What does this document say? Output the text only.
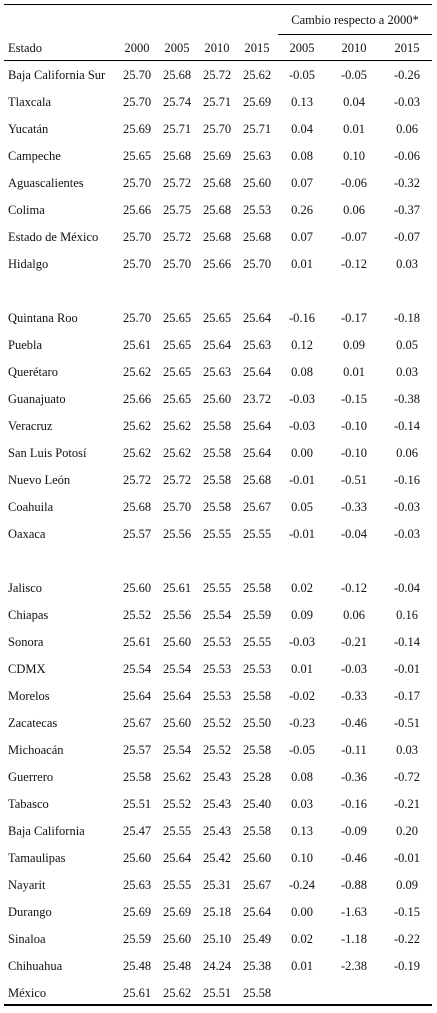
Cambio respecto a 2000*
Estado	2000	2005	2010	2015	2005	2010	2015
Baja California Sur	25.70 25.68 25.72 25.62	-0.05	-0.05	-0.26
Tlaxcala	25.70 25.74 25.71 25.69	0.13	0.04	-0.03
Yucatán	25.69 25.71 25.70 25.71	0.04	0.01	0.06
Campeche	25.65 25.68 25.69 25.63	0.08	0.10	-0.06
Aguascalientes	25.70 25.72 25.68 25.60	0.07	-0.06	-0.32
Colima	25.66 25.75 25.68 25.53	0.26	0.06	-0.37
Estado de México	25.70 25.72 25.68 25.68	0.07	-0.07	-0.07
Hidalgo	25.70 25.70 25.66 25.70	0.01	-0.12	0.03
Quintana Roo	25.70 25.65 25.65 25.64	-0.16	-0.17	-0.18
Puebla	25.61 25.65 25.64 25.63	0.12	0.09	0.05
Querétaro	25.62 25.65 25.63 25.64	0.08	0.01	0.03
Guanajuato	25.66 25.65 25.60 23.72	-0.03	-0.15	-0.38
Veracruz	25.62 25.62 25.58 25.64	-0.03	-0.10	-0.14
San Luis Potosí	25.62 25.62 25.58 25.64	0.00	-0.10	0.06
Nuevo León	25.72 25.72 25.58 25.68	-0.01	-0.51	-0.16
Coahuila	25.68 25.70 25.58 25.67	0.05	-0.33	-0.03
Oaxaca	25.57 25.56 25.55 25.55	-0.01	-0.04	-0.03
Jalisco	25.60 25.61 25.55 25.58	0.02	-0.12	-0.04
Chiapas	25.52 25.56 25.54 25.59	0.09	0.06	0.16
Sonora	25.61 25.60 25.53 25.55	-0.03	-0.21	-0.14
CDMX	25.54 25.54 25.53 25.53	0.01	-0.03	-0.01
Morelos	25.64 25.64 25.53 25.58	-0.02	-0.33	-0.17
Zacatecas	25.67 25.60 25.52 25.50	-0.23	-0.46	-0.51
Michoacán	25.57 25.54 25.52 25.58	-0.05	-0.11	0.03
Guerrero	25.58 25.62 25.43 25.28	0.08	-0.36	-0.72
Tabasco	25.51 25.52 25.43 25.40	0.03	-0.16	-0.21
Baja California	25.47 25.55 25.43 25.58	0.13	-0.09	0.20
Tamaulipas	25.60 25.64 25.42 25.60	0.10	-0.46	-0.01
Nayarit	25.63 25.55 25.31 25.67	-0.24	-0.88	0.09
Durango	25.69 25.69 25.18 25.64	0.00	-1.63	-0.15
Sinaloa	25.59 25.60 25.10 25.49	0.02	-1.18	-0.22
Chihuahua	25.48 25.48 24.24 25.38	0.01	-2.38	-0.19
México	25.61 25.62 25.51 25.58
